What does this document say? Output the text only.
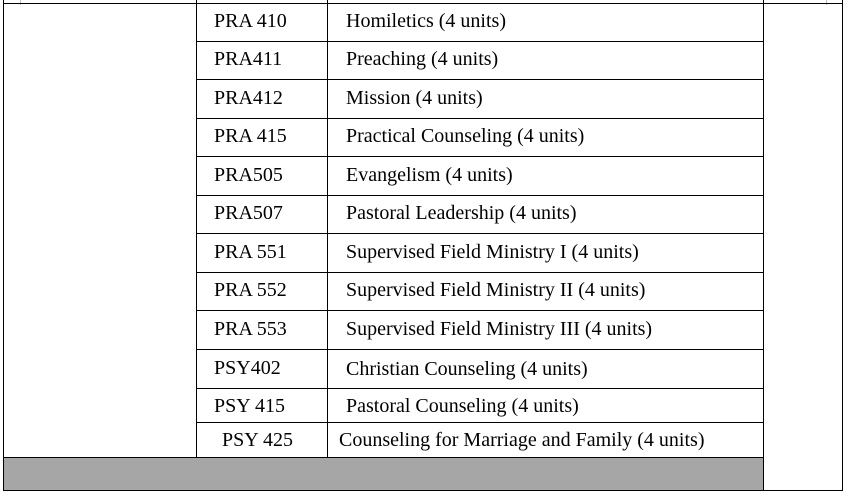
PRA 410	Homiletics (4 units)
PRA411	Preaching (4 units)
PRA412	Mission (4 units)
PRA 415	Practical Counseling (4 units)
PRA505	Evangelism (4 units)
PRA507	Pastoral Leadership (4 units)
PRA 551	Supervised Field Ministry I (4 units)
PRA 552	Supervised Field Ministry II (4 units)
PRA 553	Supervised Field Ministry III (4 units)
PSY402	Christian Counseling (4 units)
PSY 415	Pastoral Counseling (4 units)
PSY 425 Counseling for Marriage and Family (4 units)
